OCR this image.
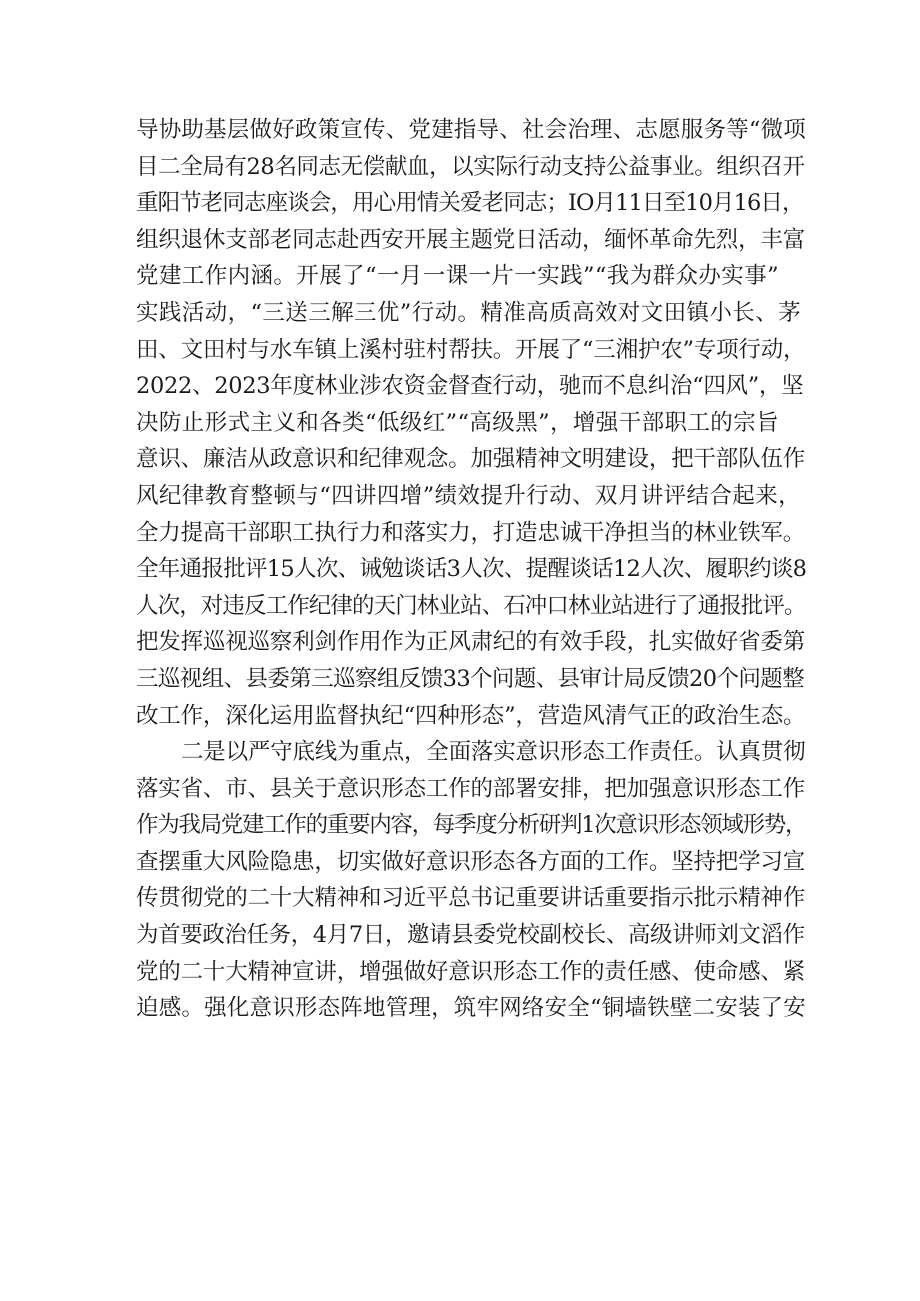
导协助基层做好政策宣传、党建指导、社会治理、志愿服务等“微项
目二全局有28名同志无偿献血，以实际行动支持公益事业。组织召开
重阳节老同志座谈会，用心用情关爱老同志；IO月11日至10月16日，
组织退休支部老同志赴西安开展主题党日活动，缅怀革命先烈，丰富
党建工作内涵。开展了“一月一课一片一实践”“我为群众办实事”
实践活动，“三送三解三优”行动。精准高质高效对文田镇小长、茅
田、文田村与水车镇上溪村驻村帮扶。开展了“三湘护农”专项行动，
2022、2023年度林业涉农资金督查行动，驰而不息纠治“四风”，坚
决防止形式主义和各类“低级红”“高级黑”，增强干部职工的宗旨
意识、廉洁从政意识和纪律观念。加强精神文明建设，把干部队伍作
风纪律教育整顿与“四讲四增”绩效提升行动、双月讲评结合起来，
全力提高干部职工执行力和落实力，打造忠诚干净担当的林业铁军。
全年通报批评15人次、诫勉谈话3人次、提醒谈话12人次、履职约谈8
人次，对违反工作纪律的天门林业站、石冲口林业站进行了通报批评。
把发挥巡视巡察利剑作用作为正风肃纪的有效手段，扎实做好省委第
三巡视组、县委第三巡察组反馈33个问题、县审计局反馈20个问题整
改工作，深化运用监督执纪“四种形态”，营造风清气正的政治生态。
二是以严守底线为重点，全面落实意识形态工作责任。认真贯彻
落实省、市、县关于意识形态工作的部署安排，把加强意识形态工作
作为我局党建工作的重要内容，每季度分析研判1次意识形态领域形势，
查摆重大风险隐患，切实做好意识形态各方面的工作。坚持把学习宣
传贯彻党的二十大精神和习近平总书记重要讲话重要指示批示精神作
为首要政治任务，4月7日，邀请县委党校副校长、高级讲师刘文滔作
党的二十大精神宣讲，增强做好意识形态工作的责任感、使命感、紧
迫感。强化意识形态阵地管理，筑牢网络安全“铜墙铁壁二安装了安
